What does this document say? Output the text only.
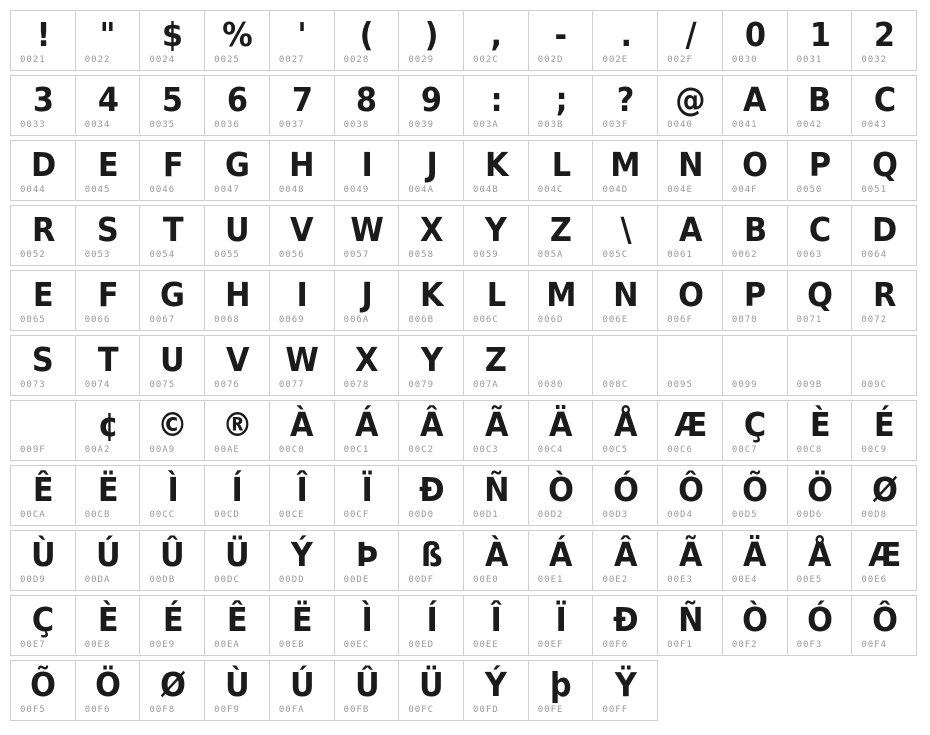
!
0021
"
0022
$
0024
%
0025
'
0027
(
0028
)
0029
,
002C
-
002D
.
002E
/
002F
0
0030
1
0031
2
0032
3
0033
4
0034
5
0035
6
0036
7
0037
8
0038
9
0039
:
003A
;
003B
?
003F
@
0040
A
0041
B
0042
C
0043
D
0044
E
0045
F
0046
G
0047
H
0048
I
0049
J
004A
K
004B
L
004C
M
004D
N
004E
O
004F
P
0050
Q
0051
R
0052
S
0053
T
0054
U
0055
V
0056
W
0057
X
0058
Y
0059
Z
005A
\
005C
A
0061
B
0062
C
0063
D
0064
E
0065
F
0066
G
0067
H
0068
I
0069
J
006A
K
006B
L
006C
M
006D
N
006E
O
006F
P
0070
Q
0071
R
0072
S
0073
T
0074
U
0075
V
0076
W
0077
X
0078
Y
0079
Z
007A	0080	008C	0095	0099	009B	009C
009F
¢
00A2
©
00A9
®
00AE
À
00C0
Á
00C1
Â
00C2
Ã
00C3
Ä
00C4
Å
00C5
Æ
00C6
Ç
00C7
È
00C8
É
00C9
Ê
00CA
Ë
00CB
Ì
00CC
Í
00CD
Î
00CE
Ï
00CF
Ð
00D0
Ñ
00D1
Ò
00D2
Ó
00D3
Ô
00D4
Õ
00D5
Ö
00D6
Ø
00D8
Ù
00D9
Ú
00DA
Û
00DB
Ü
00DC
Ý
00DD
Þ
00DE
ß
00DF
À
00E0
Á
00E1
Â
00E2
Ã
00E3
Ä
00E4
Å
00E5
Æ
00E6
Ç
00E7
È
00E8
É
00E9
Ê
00EA
Ë
00EB
Ì
00EC
Í
00ED
Î
00EE
Ï
00EF
Ð
00F0
Ñ
00F1
Ò
00F2
Ó
00F3
Ô
00F4
Õ
00F5
Ö
00F6
Ø
00F8
Ù
00F9
Ú
00FA
Û
00FB
Ü
00FC
Ý
00FD
þ
00FE
Ÿ
00FF
